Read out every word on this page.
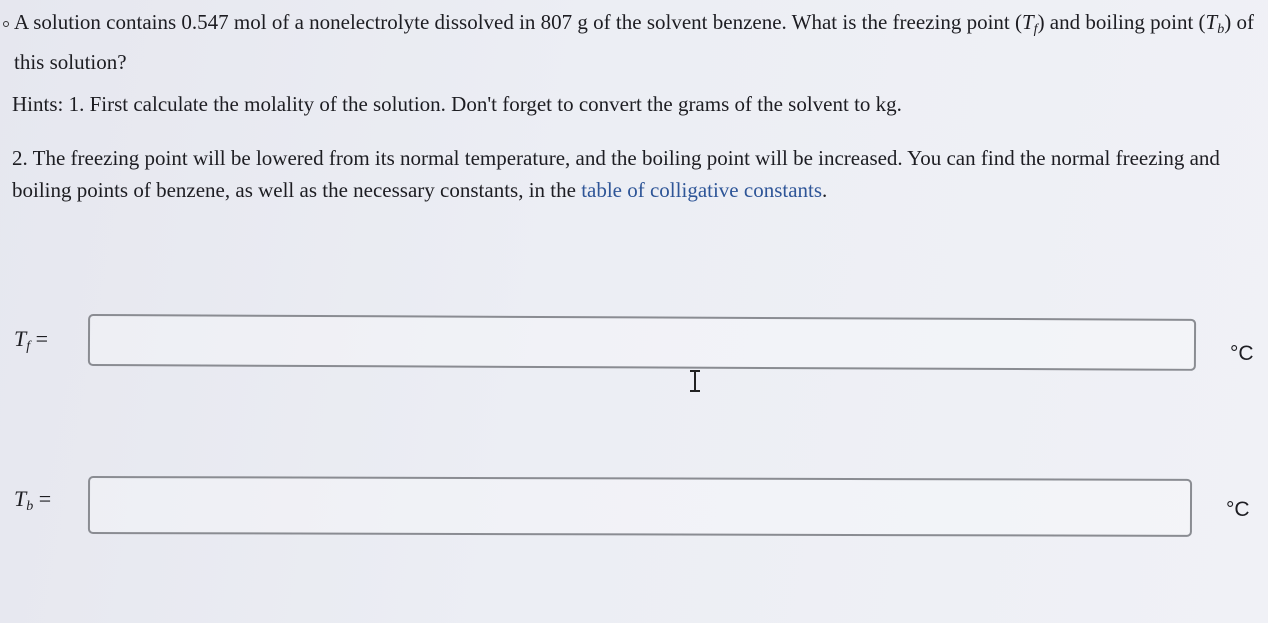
A solution contains 0.547 mol of a nonelectrolyte dissolved in 807 g of the solvent benzene. What is the freezing point $(T_f)$ and boiling point $(T_b)$ of this solution?
Hints: 1. First calculate the molality of the solution. Don't forget to convert the grams of the solvent to kg.
2. The freezing point will be lowered from its normal temperature, and the boiling point will be increased. You can find the normal freezing and boiling points of benzene, as well as the necessary constants, in the table of colligative constants.
$T_f$ =
°C
$T_b$ =	°C
